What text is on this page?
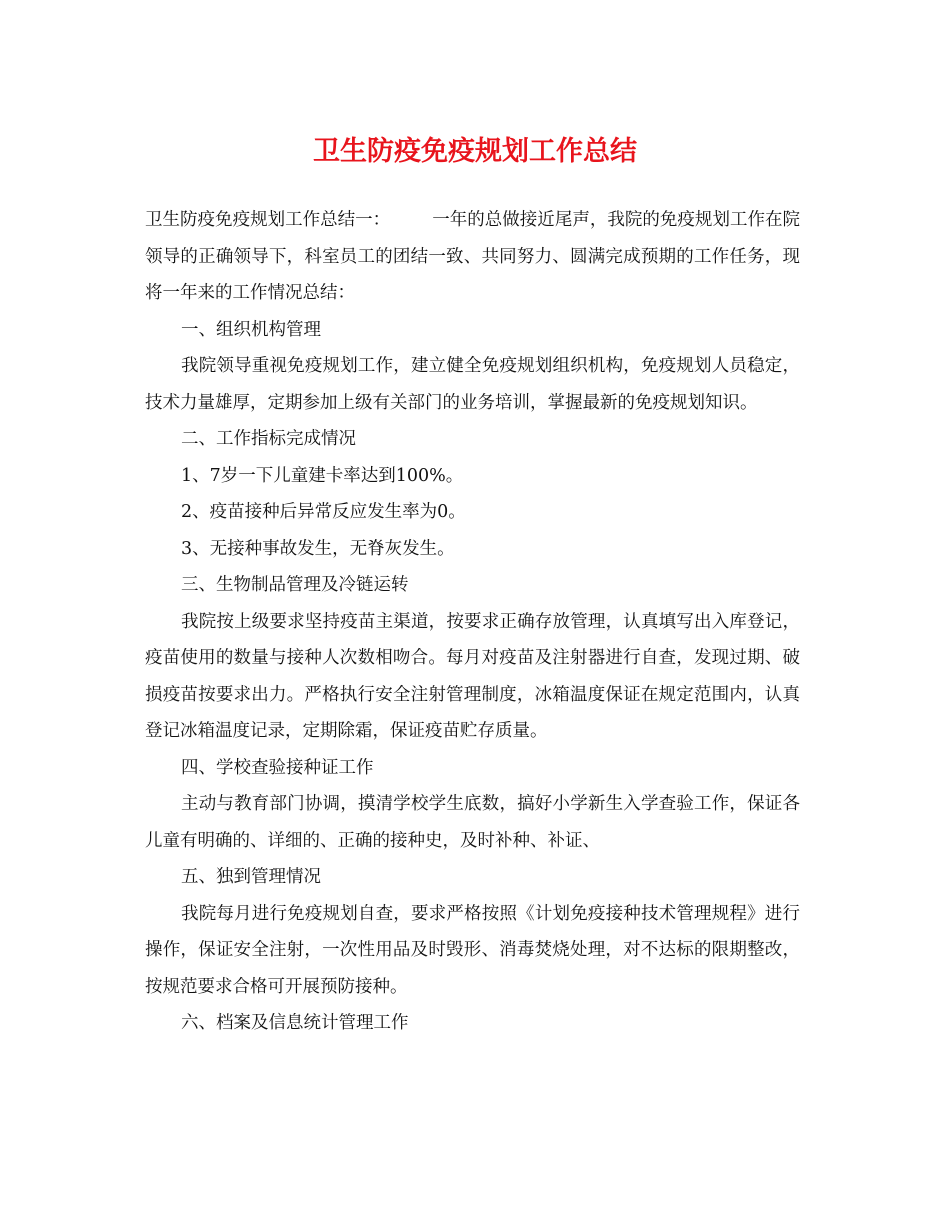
卫生防疫免疫规划工作总结

卫生防疫免疫规划工作总结一： 一年的总做接近尾声，我院的免疫规划工作在院领导的正确领导下，科室员工的团结一致、共同努力、圆满完成预期的工作任务，现将一年来的工作情况总结：

一、组织机构管理

我院领导重视免疫规划工作，建立健全免疫规划组织机构，免疫规划人员稳定，技术力量雄厚，定期参加上级有关部门的业务培训，掌握最新的免疫规划知识。

二、工作指标完成情况

1、7岁一下儿童建卡率达到100%。

2、疫苗接种后异常反应发生率为0。

3、无接种事故发生，无脊灰发生。

三、生物制品管理及冷链运转

我院按上级要求坚持疫苗主渠道，按要求正确存放管理，认真填写出入库登记，疫苗使用的数量与接种人次数相吻合。每月对疫苗及注射器进行自查，发现过期、破损疫苗按要求出力。严格执行安全注射管理制度，冰箱温度保证在规定范围内，认真登记冰箱温度记录，定期除霜，保证疫苗贮存质量。

四、学校查验接种证工作

主动与教育部门协调，摸清学校学生底数，搞好小学新生入学查验工作，保证各儿童有明确的、详细的、正确的接种史，及时补种、补证、

五、独到管理情况

我院每月进行免疫规划自查，要求严格按照《计划免疫接种技术管理规程》进行操作，保证安全注射，一次性用品及时毁形、消毒焚烧处理，对不达标的限期整改，按规范要求合格可开展预防接种。

六、档案及信息统计管理工作
